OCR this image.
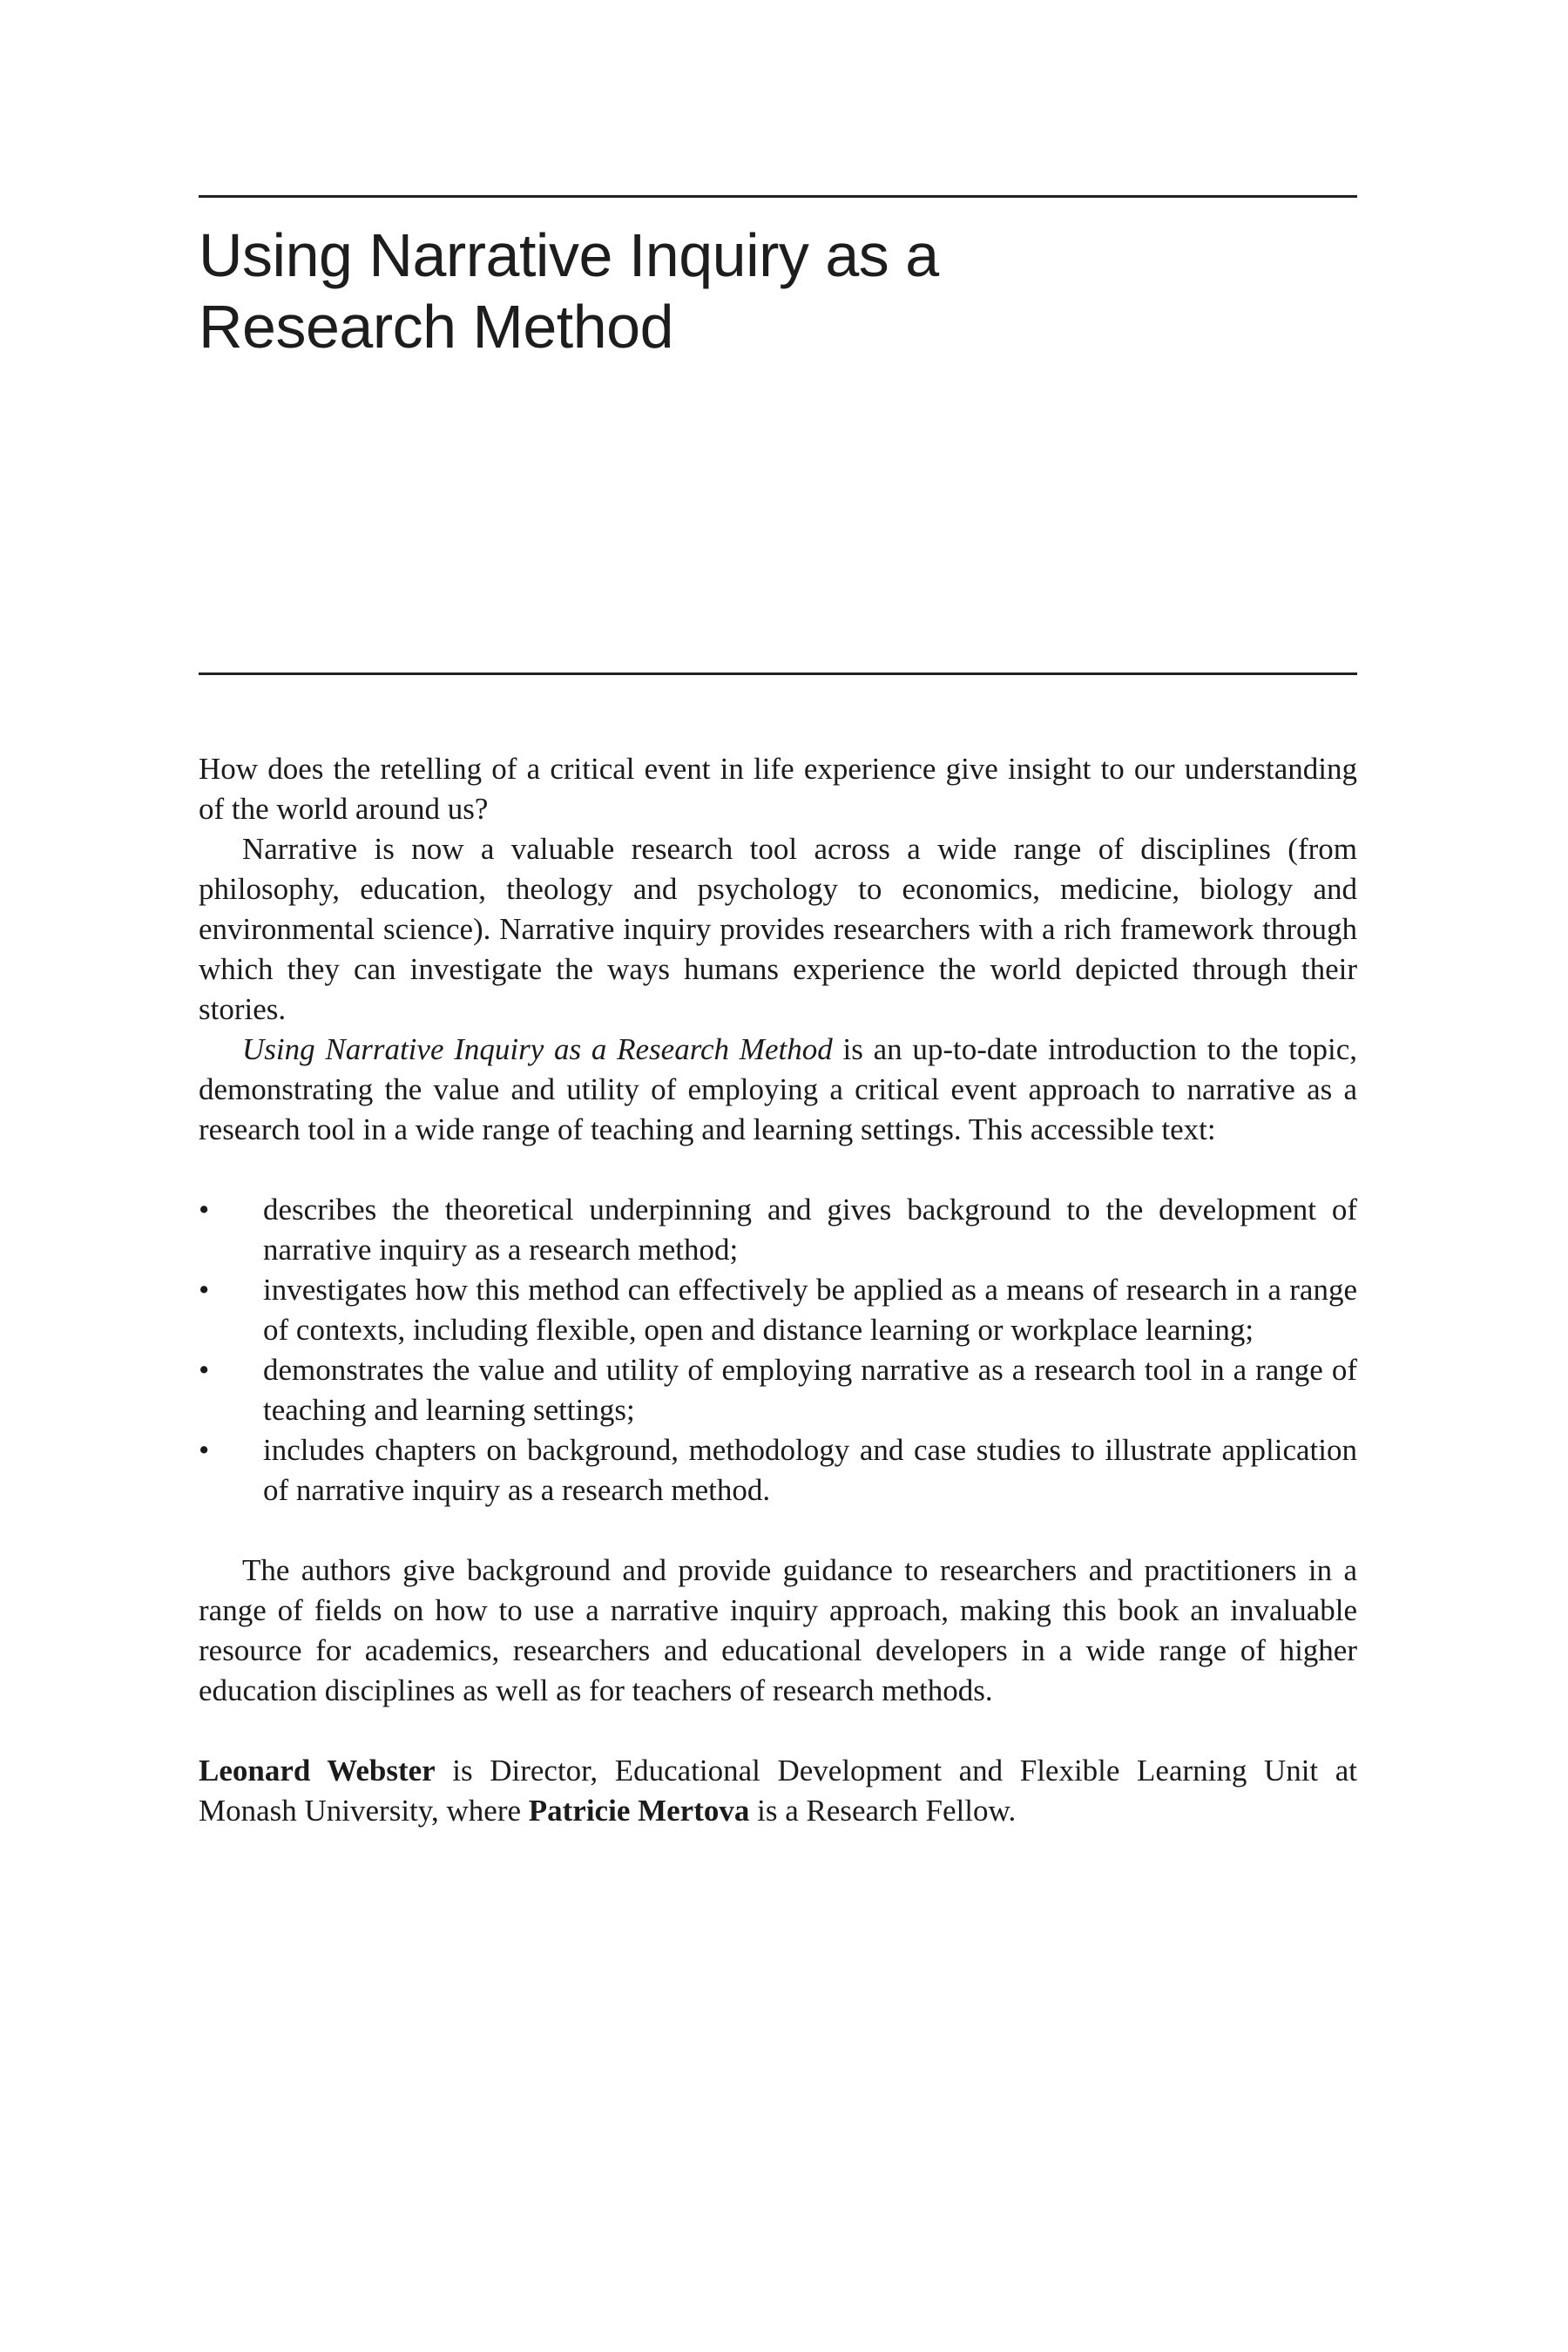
Using Narrative Inquiry as a
Research Method

How does the retelling of a critical event in life experience give insight to our understanding of the world around us?

Narrative is now a valuable research tool across a wide range of disciplines (from philosophy, education, theology and psychology to economics, medicine, biology and environmental science). Narrative inquiry provides researchers with a rich framework through which they can investigate the ways humans experience the world depicted through their stories.

Using Narrative Inquiry as a Research Method is an up-to-date introduction to the topic, demonstrating the value and utility of employing a critical event approach to narrative as a research tool in a wide range of teaching and learning settings. This accessible text:

•	describes the theoretical underpinning and gives background to the development of narrative inquiry as a research method;
•	investigates how this method can effectively be applied as a means of research in a range of contexts, including flexible, open and distance learning or workplace learning;
•	demonstrates the value and utility of employing narrative as a research tool in a range of teaching and learning settings;
•	includes chapters on background, methodology and case studies to illustrate application of narrative inquiry as a research method.

The authors give background and provide guidance to researchers and practitioners in a range of fields on how to use a narrative inquiry approach, making this book an invaluable resource for academics, researchers and educational developers in a wide range of higher education disciplines as well as for teachers of research methods.

Leonard Webster is Director, Educational Development and Flexible Learning Unit at Monash University, where Patricie Mertova is a Research Fellow.
